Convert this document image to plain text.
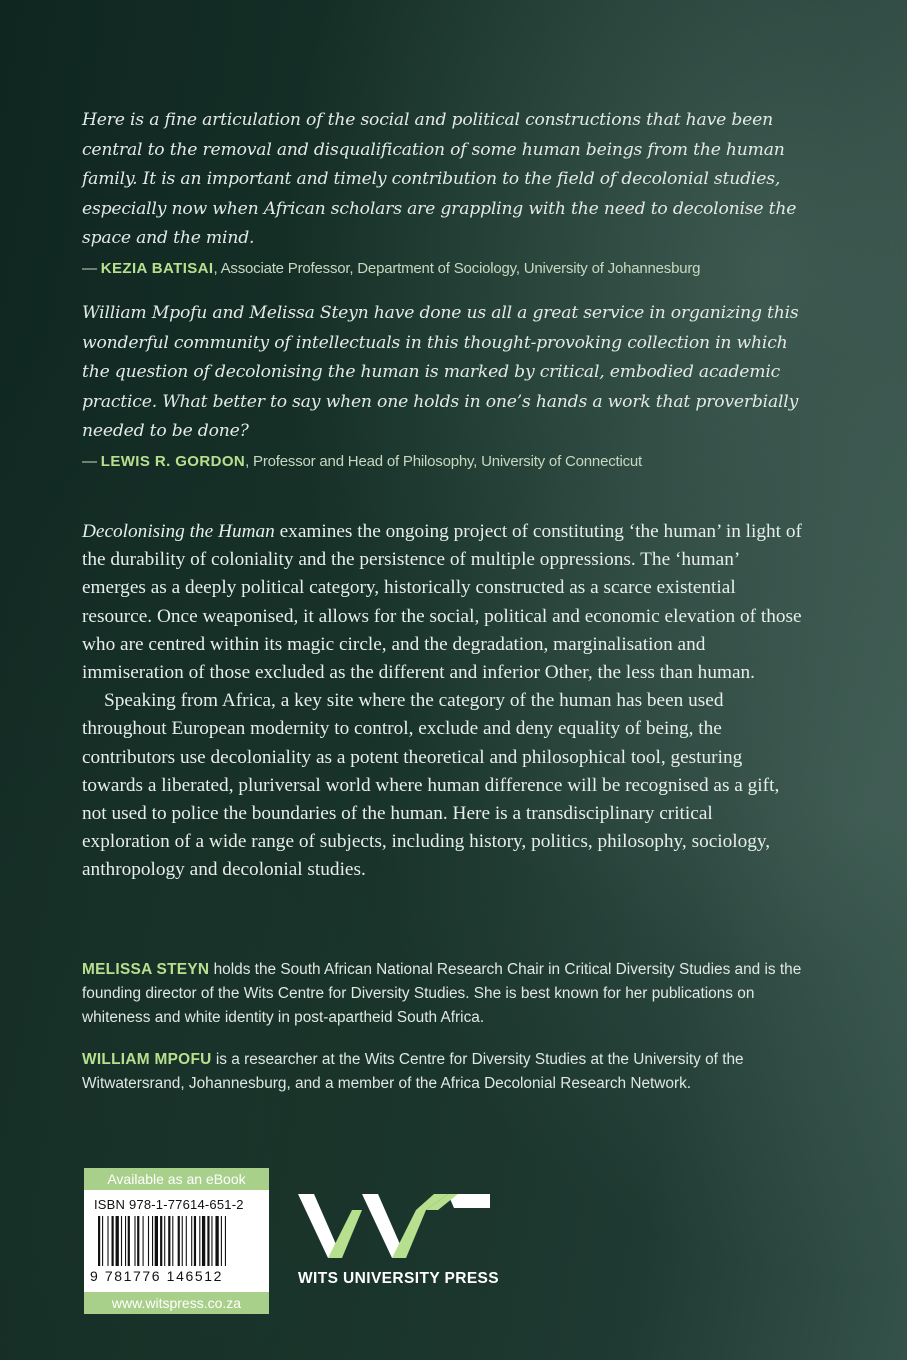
Here is a fine articulation of the social and political constructions that have been central to the removal and disqualification of some human beings from the human family. It is an important and timely contribution to the field of decolonial studies, especially now when African scholars are grappling with the need to decolonise the space and the mind.

— KEZIA BATISAI, Associate Professor, Department of Sociology, University of Johannesburg

William Mpofu and Melissa Steyn have done us all a great service in organizing this wonderful community of intellectuals in this thought-provoking collection in which the question of decolonising the human is marked by critical, embodied academic practice. What better to say when one holds in one’s hands a work that proverbially needed to be done?

— LEWIS R. GORDON, Professor and Head of Philosophy, University of Connecticut

Decolonising the Human examines the ongoing project of constituting ‘the human’ in light of the durability of coloniality and the persistence of multiple oppressions. The ‘human’ emerges as a deeply political category, historically constructed as a scarce existential resource. Once weaponised, it allows for the social, political and economic elevation of those who are centred within its magic circle, and the degradation, marginalisation and immiseration of those excluded as the different and inferior Other, the less than human.

Speaking from Africa, a key site where the category of the human has been used throughout European modernity to control, exclude and deny equality of being, the contributors use decoloniality as a potent theoretical and philosophical tool, gesturing towards a liberated, pluriversal world where human difference will be recognised as a gift, not used to police the boundaries of the human. Here is a transdisciplinary critical exploration of a wide range of subjects, including history, politics, philosophy, sociology, anthropology and decolonial studies.

MELISSA STEYN holds the South African National Research Chair in Critical Diversity Studies and is the founding director of the Wits Centre for Diversity Studies. She is best known for her publications on whiteness and white identity in post-apartheid South Africa.
WILLIAM MPOFU is a researcher at the Wits Centre for Diversity Studies at the University of the Witwatersrand, Johannesburg, and a member of the Africa Decolonial Research Network.
Available as an eBook
ISBN 978-1-77614-651-2
9 781776 146512
www.witspress.co.za
WITS UNIVERSITY PRESS
